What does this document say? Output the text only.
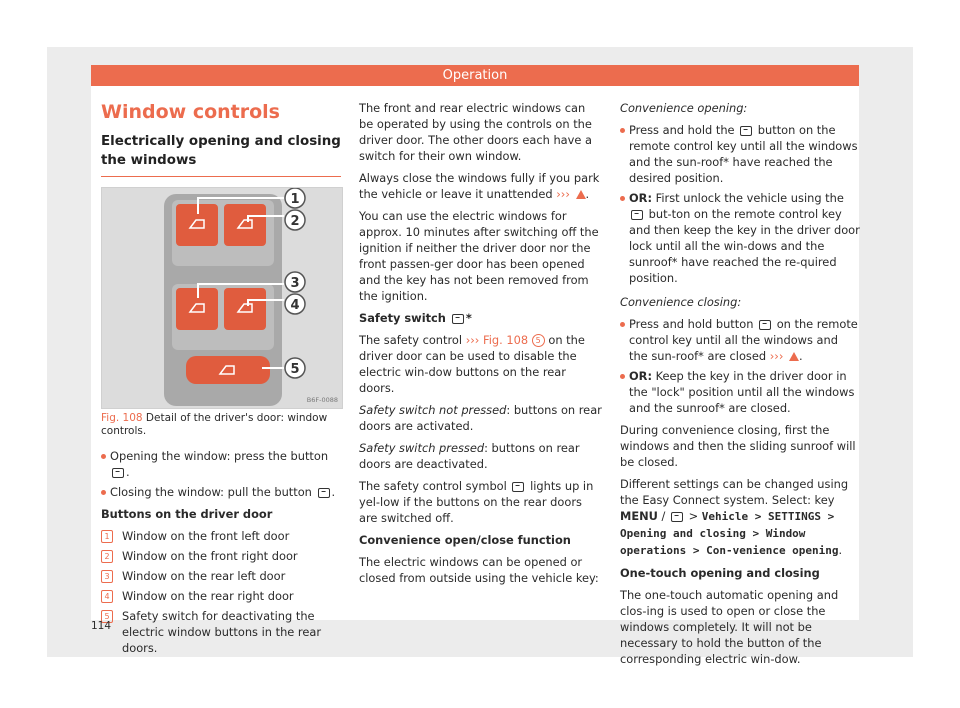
Operation
Window controls
Electrically opening and closing the windows
1
2
3
4
5
B6F-0088
Fig. 108 Detail of the driver's door: window controls.
Opening the window: press the button .
Closing the window: pull the button .
Buttons on the driver door
1	Window on the front left door
2	Window on the front right door
3	Window on the rear left door
4	Window on the rear right door
5	Safety switch for deactivating the electric window buttons in the rear doors.

The front and rear electric windows can be operated by using the controls on the driver door. The other doors each have a switch for their own window.

Always close the windows fully if you park the vehicle or leave it unattended ››› .

You can use the electric windows for approx. 10 minutes after switching off the ignition if neither the driver door nor the front passen-ger door has been opened and the key has not been removed from the ignition.

Safety switch *

The safety control ››› Fig. 108 5 on the driver door can be used to disable the electric win-dow buttons on the rear doors.

Safety switch not pressed: buttons on rear doors are activated.

Safety switch pressed: buttons on rear doors are deactivated.

The safety control symbol lights up in yel-low if the buttons on the rear doors are switched off.

Convenience open/close function

The electric windows can be opened or closed from outside using the vehicle key:

Convenience opening:

Press and hold the button on the remote control key until all the windows and the sun-roof* have reached the desired position.
OR: First unlock the vehicle using the  but-ton on the remote control key and then keep the key in the driver door lock until all the win-dows and the sunroof* have reached the re-quired position.

Convenience closing:

Press and hold button on the remote control key until all the windows and the sun-roof* are closed ››› .
OR: Keep the key in the driver door in the "lock" position until all the windows and the sunroof* are closed.

During convenience closing, first the windows and then the sliding sunroof will be closed.

Different settings can be changed using the Easy Connect system. Select: key MENU /  > Vehicle > SETTINGS > Opening and closing > Window operations > Con-venience opening.

One-touch opening and closing

The one-touch automatic opening and clos-ing is used to open or close the windows completely. It will not be necessary to hold the button of the corresponding electric win-dow.

114
